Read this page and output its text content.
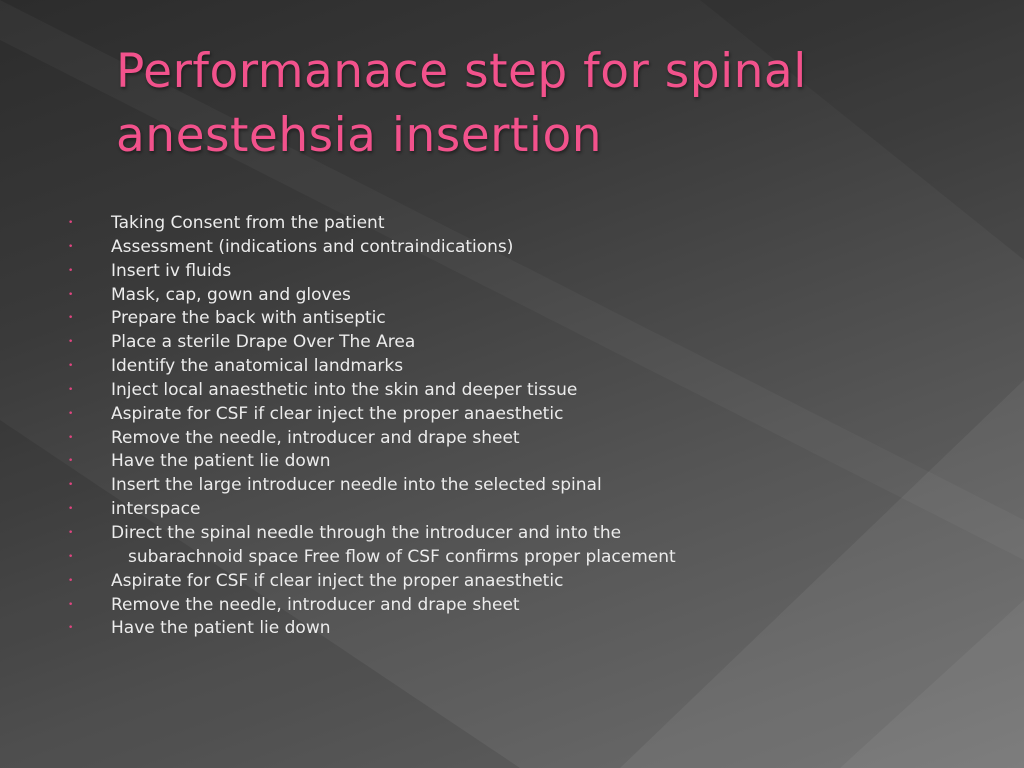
Performanace step for spinal
anestehsia insertion
• Taking Consent from the patient
• Assessment (indications and contraindications)
• Insert iv fluids
• Mask, cap, gown and gloves
• Prepare the back with antiseptic
• Place a sterile Drape Over The Area
• Identify the anatomical landmarks
• Inject local anaesthetic into the skin and deeper tissue
• Aspirate for CSF if clear inject the proper anaesthetic
• Remove the needle, introducer and drape sheet
• Have the patient lie down
• Insert the large introducer needle into the selected spinal
• interspace
• Direct the spinal needle through the introducer and into the
•	subarachnoid space Free flow of CSF confirms proper placement
• Aspirate for CSF if clear inject the proper anaesthetic
• Remove the needle, introducer and drape sheet
• Have the patient lie down
